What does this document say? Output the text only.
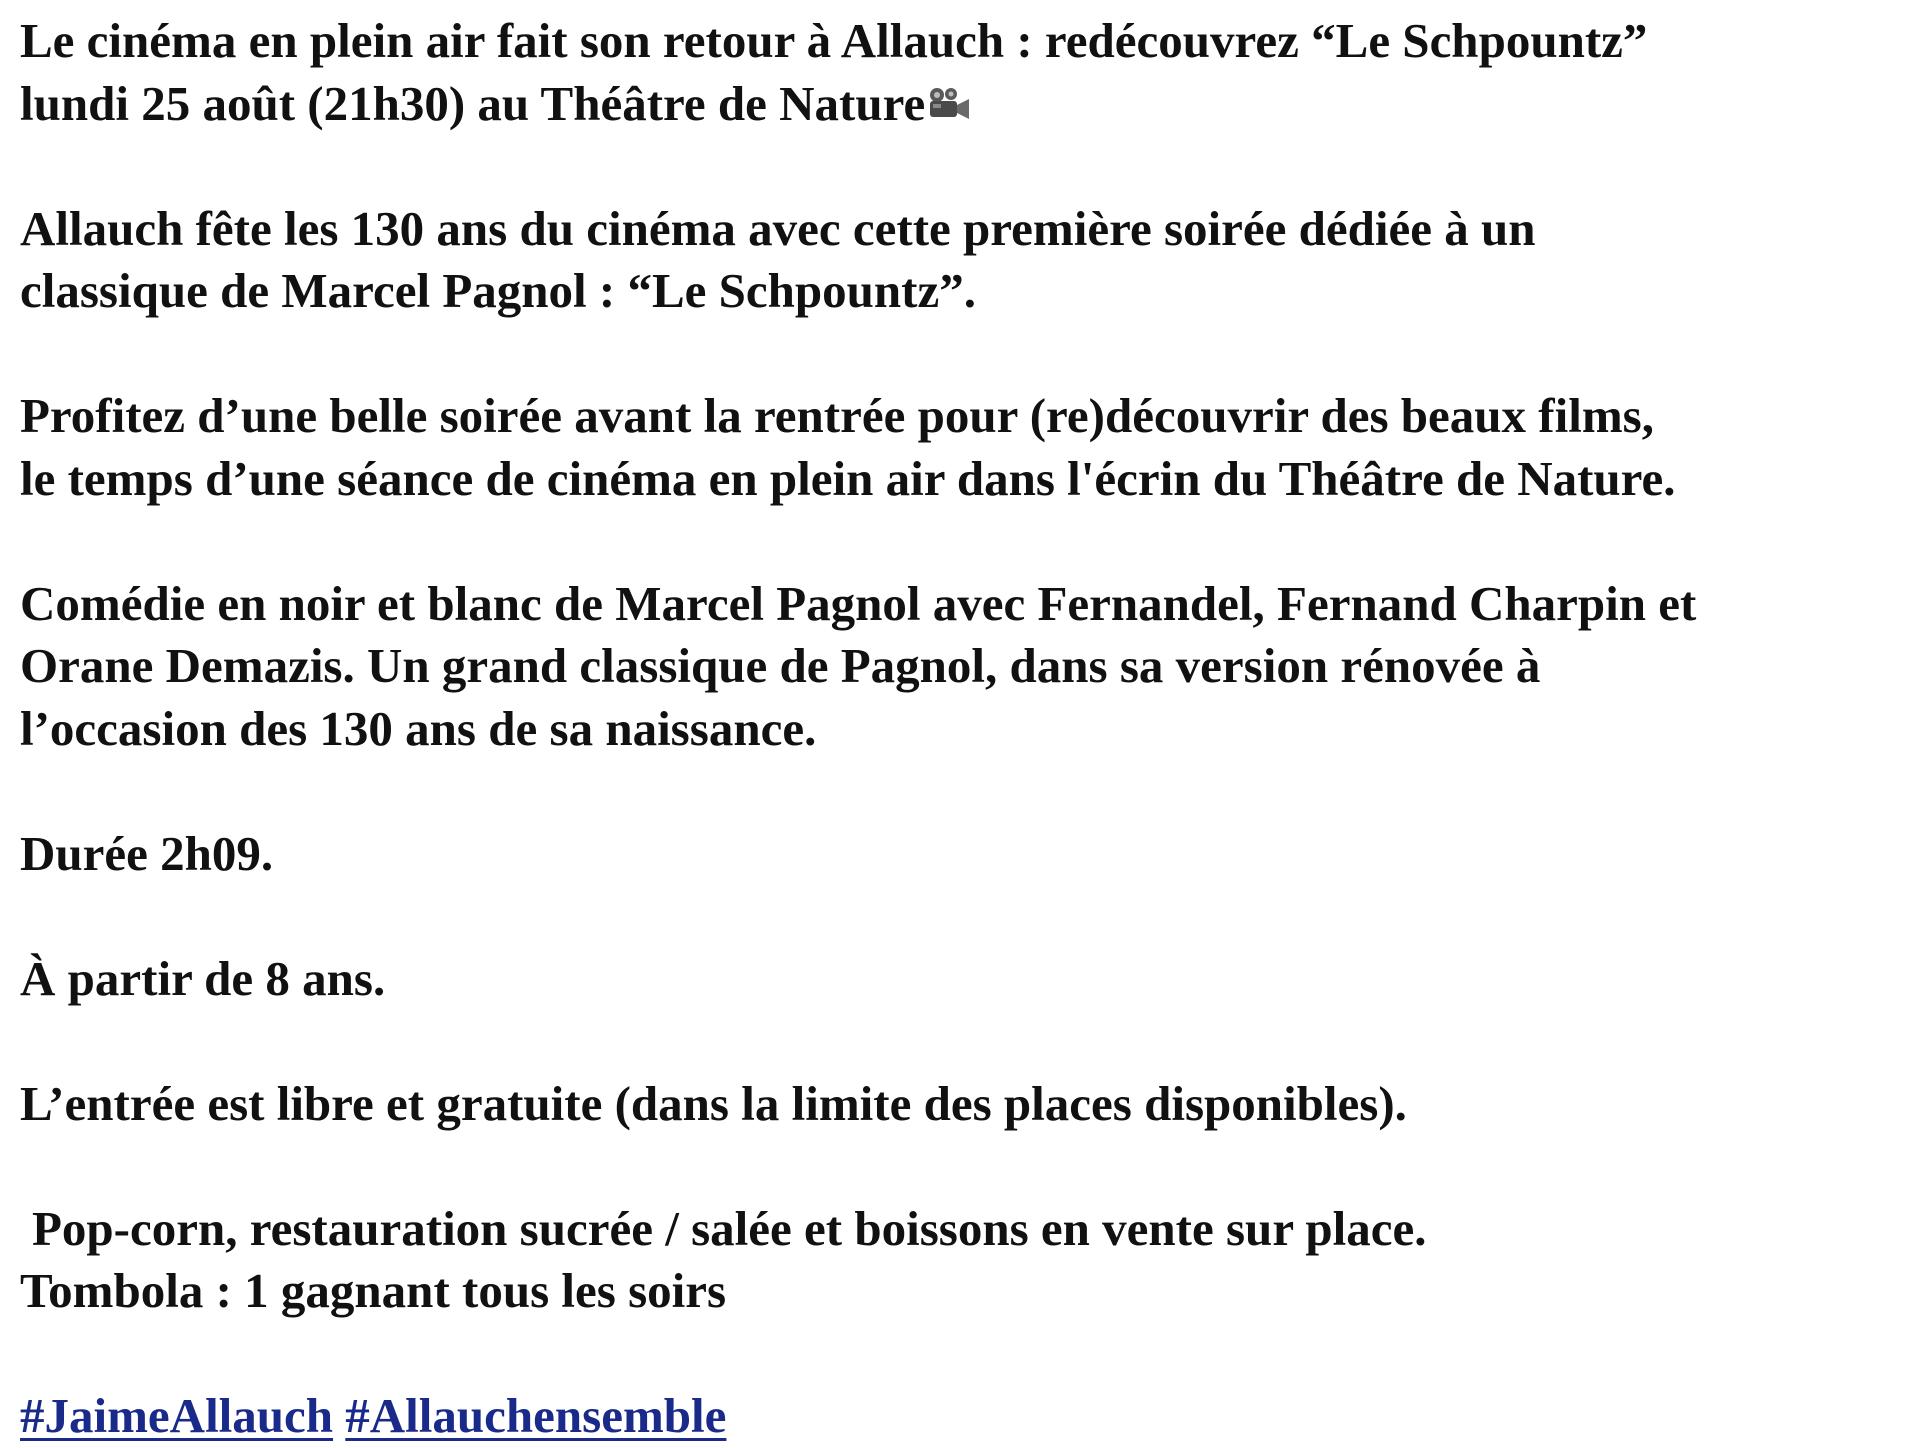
Le cinéma en plein air fait son retour à Allauch : redécouvrez “Le Schpountz”
lundi 25 août (21h30) au Théâtre de Nature
Allauch fête les 130 ans du cinéma avec cette première soirée dédiée à un
classique de Marcel Pagnol : “Le Schpountz”.
Profitez d’une belle soirée avant la rentrée pour (re)découvrir des beaux films,
le temps d’une séance de cinéma en plein air dans l'écrin du Théâtre de Nature.
Comédie en noir et blanc de Marcel Pagnol avec Fernandel, Fernand Charpin et
Orane Demazis. Un grand classique de Pagnol, dans sa version rénovée à
l’occasion des 130 ans de sa naissance.
Durée 2h09.
À partir de 8 ans.
L’entrée est libre et gratuite (dans la limite des places disponibles).
Pop-corn, restauration sucrée / salée et boissons en vente sur place.
Tombola : 1 gagnant tous les soirs
#JaimeAllauch #Allauchensemble
